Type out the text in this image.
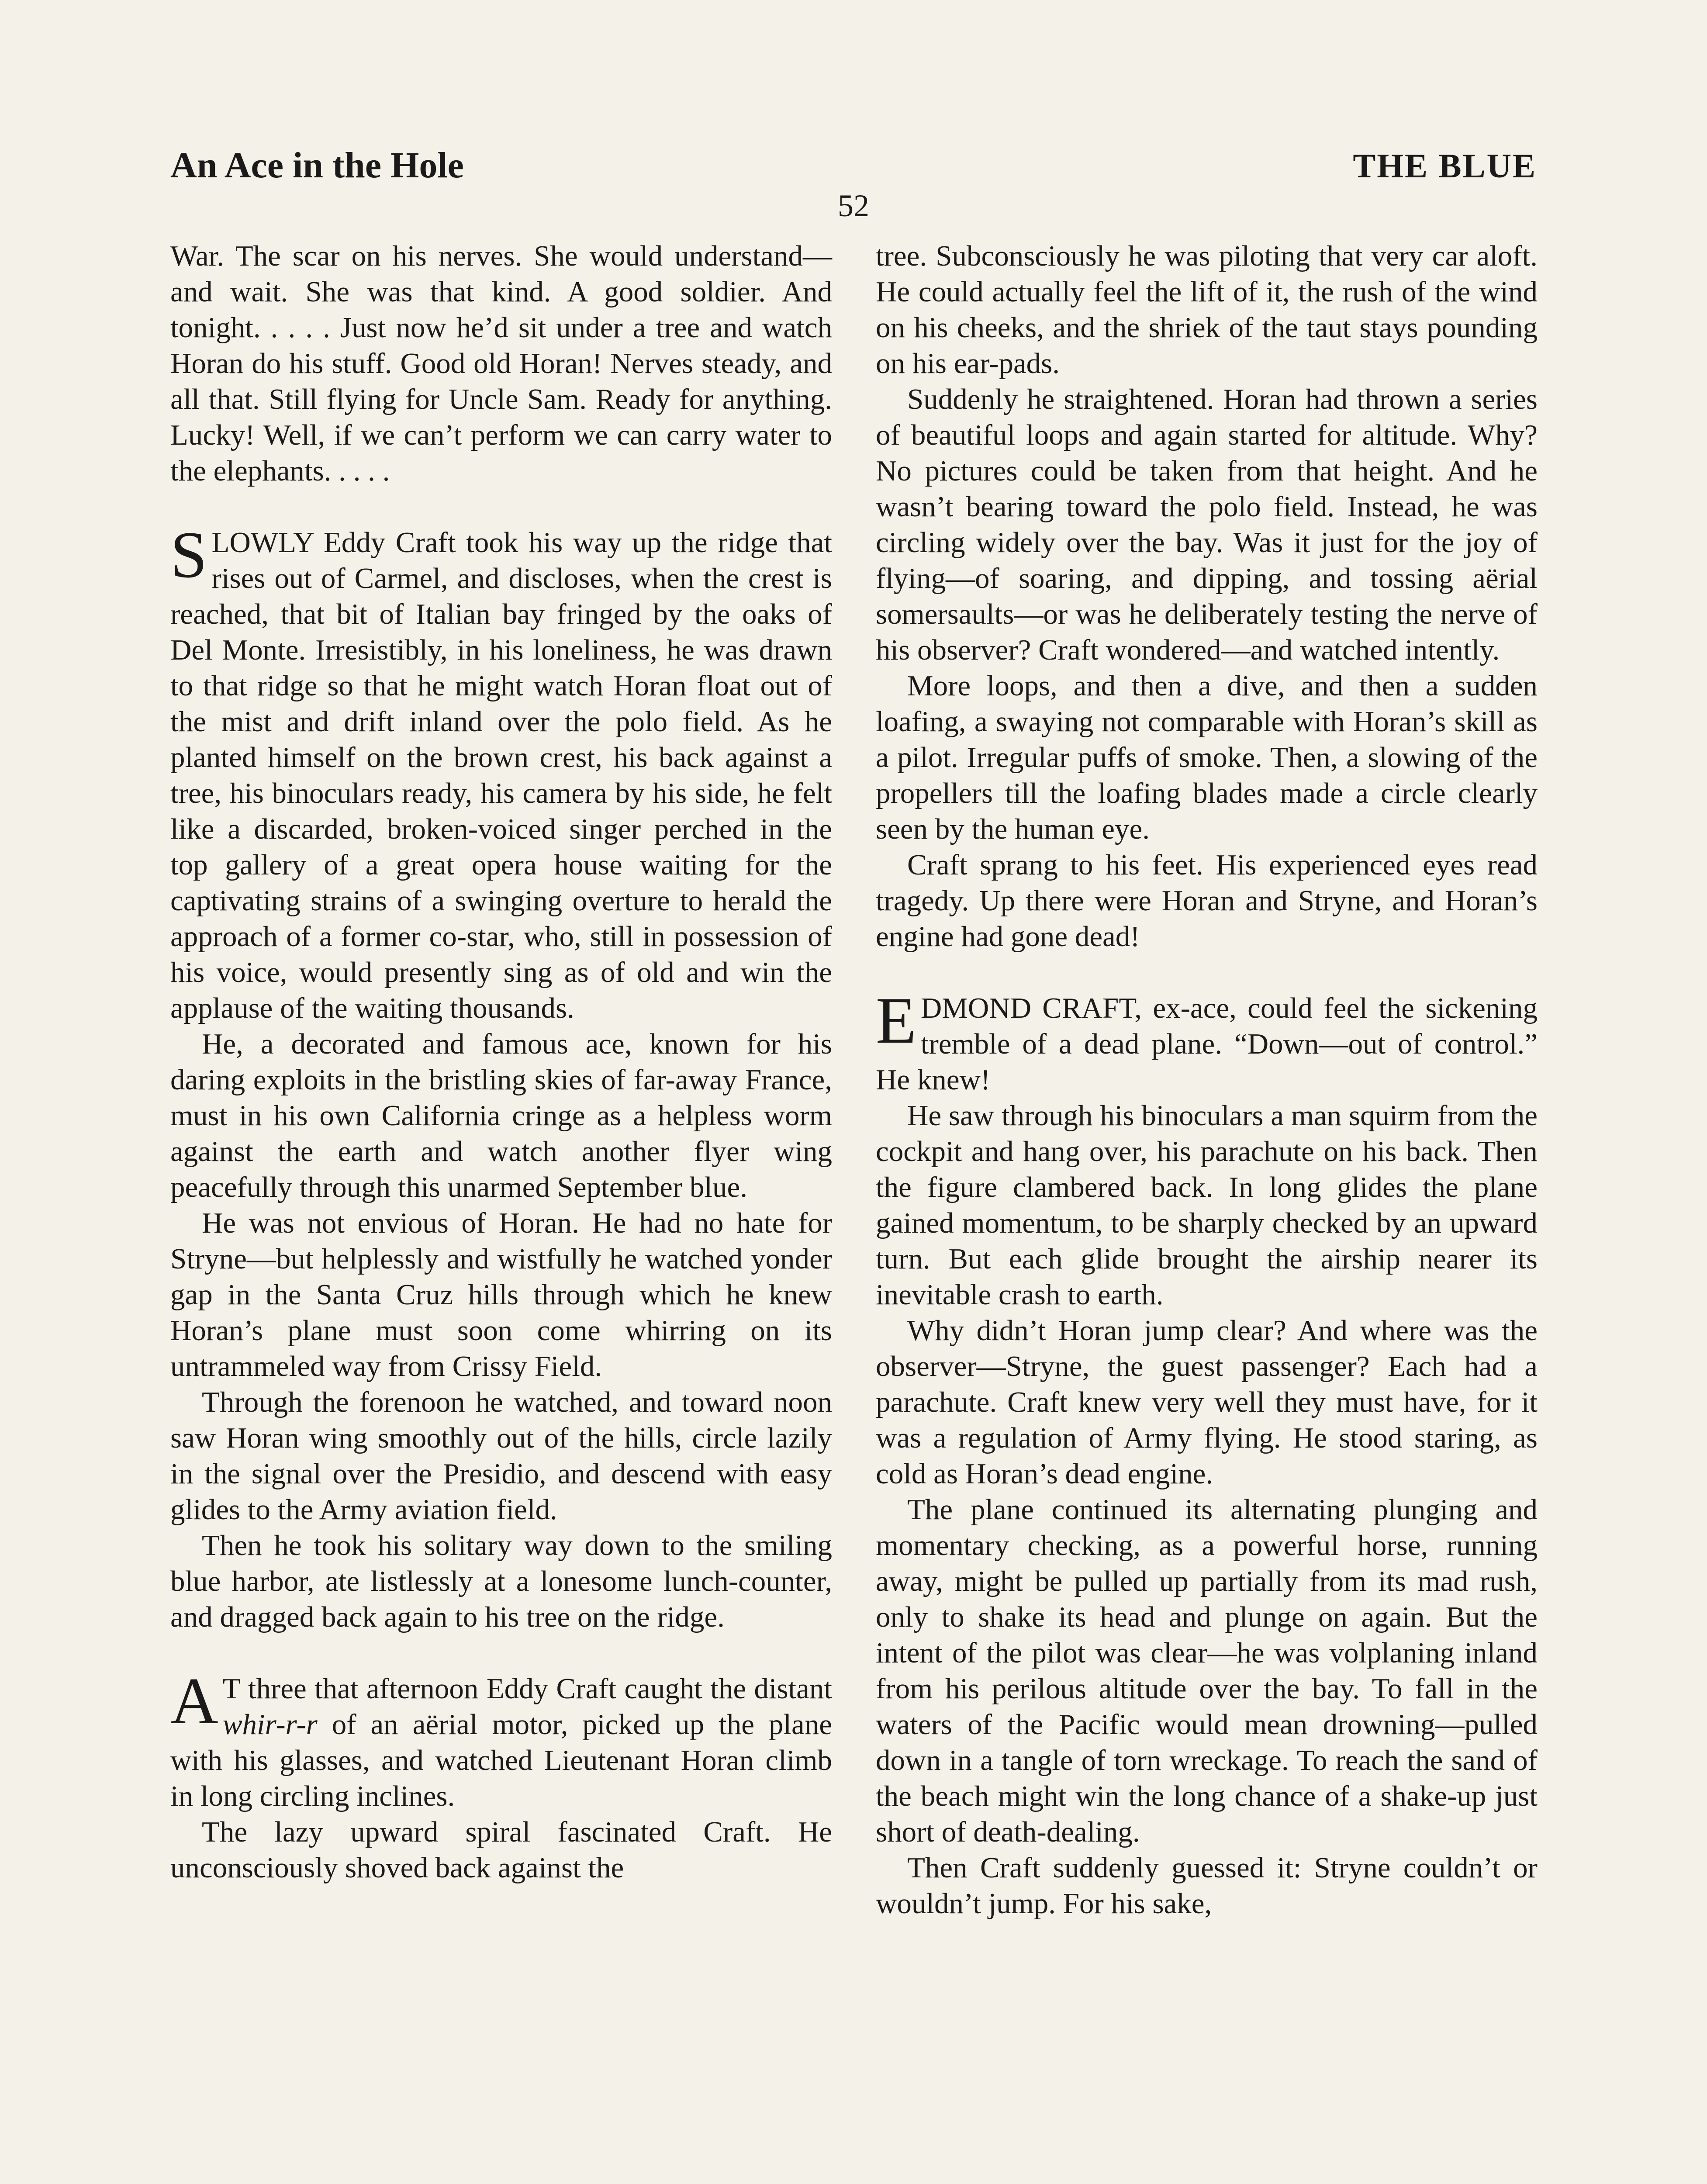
An Ace in the Hole	THE BLUE
52

War. The scar on his nerves. She would understand—and wait. She was that kind. A good soldier. And tonight. . . . . Just now he’d sit under a tree and watch Horan do his stuff. Good old Horan! Nerves steady, and all that. Still flying for Uncle Sam. Ready for anything. Lucky! Well, if we can’t perform we can carry water to the elephants. . . . .

SLOWLY Eddy Craft took his way up the ridge that rises out of Carmel, and discloses, when the crest is reached, that bit of Italian bay fringed by the oaks of Del Monte. Irresistibly, in his loneliness, he was drawn to that ridge so that he might watch Horan float out of the mist and drift inland over the polo field. As he planted himself on the brown crest, his back against a tree, his binoculars ready, his camera by his side, he felt like a discarded, broken-voiced singer perched in the top gallery of a great opera house waiting for the captivating strains of a swinging overture to herald the approach of a former co-star, who, still in possession of his voice, would presently sing as of old and win the applause of the waiting thousands.

He, a decorated and famous ace, known for his daring exploits in the bristling skies of far-away France, must in his own California cringe as a helpless worm against the earth and watch another flyer wing peacefully through this unarmed September blue.

He was not envious of Horan. He had no hate for Stryne—but helplessly and wistfully he watched yonder gap in the Santa Cruz hills through which he knew Horan’s plane must soon come whirring on its untrammeled way from Crissy Field.

Through the forenoon he watched, and toward noon saw Horan wing smoothly out of the hills, circle lazily in the signal over the Presidio, and descend with easy glides to the Army aviation field.

Then he took his solitary way down to the smiling blue harbor, ate listlessly at a lonesome lunch-counter, and dragged back again to his tree on the ridge.

A T three that afternoon Eddy Craft caught the distant whir-r-r of an aërial motor, picked up the plane with his glasses, and watched Lieutenant Horan climb in long circling inclines.

The lazy upward spiral fascinated Craft. He unconsciously shoved back against the

tree. Subconsciously he was piloting that very car aloft. He could actually feel the lift of it, the rush of the wind on his cheeks, and the shriek of the taut stays pounding on his ear-pads.

Suddenly he straightened. Horan had thrown a series of beautiful loops and again started for altitude. Why? No pictures could be taken from that height. And he wasn’t bearing toward the polo field. Instead, he was circling widely over the bay. Was it just for the joy of flying—of soaring, and dipping, and tossing aërial somersaults—or was he deliberately testing the nerve of his observer? Craft wondered—and watched intently.

More loops, and then a dive, and then a sudden loafing, a swaying not comparable with Horan’s skill as a pilot. Irregular puffs of smoke. Then, a slowing of the propellers till the loafing blades made a circle clearly seen by the human eye.

Craft sprang to his feet. His experienced eyes read tragedy. Up there were Horan and Stryne, and Horan’s engine had gone dead!

EDMOND CRAFT, ex-ace, could feel the sickening tremble of a dead plane. “Down—out of control.” He knew!

He saw through his binoculars a man squirm from the cockpit and hang over, his parachute on his back. Then the figure clambered back. In long glides the plane gained momentum, to be sharply checked by an upward turn. But each glide brought the airship nearer its inevitable crash to earth.

Why didn’t Horan jump clear? And where was the observer—Stryne, the guest passenger? Each had a parachute. Craft knew very well they must have, for it was a regulation of Army flying. He stood staring, as cold as Horan’s dead engine.

The plane continued its alternating plunging and momentary checking, as a powerful horse, running away, might be pulled up partially from its mad rush, only to shake its head and plunge on again. But the intent of the pilot was clear—he was volplaning inland from his perilous altitude over the bay. To fall in the waters of the Pacific would mean drowning—pulled down in a tangle of torn wreckage. To reach the sand of the beach might win the long chance of a shake-up just short of death-dealing.

Then Craft suddenly guessed it: Stryne couldn’t or wouldn’t jump. For his sake,
